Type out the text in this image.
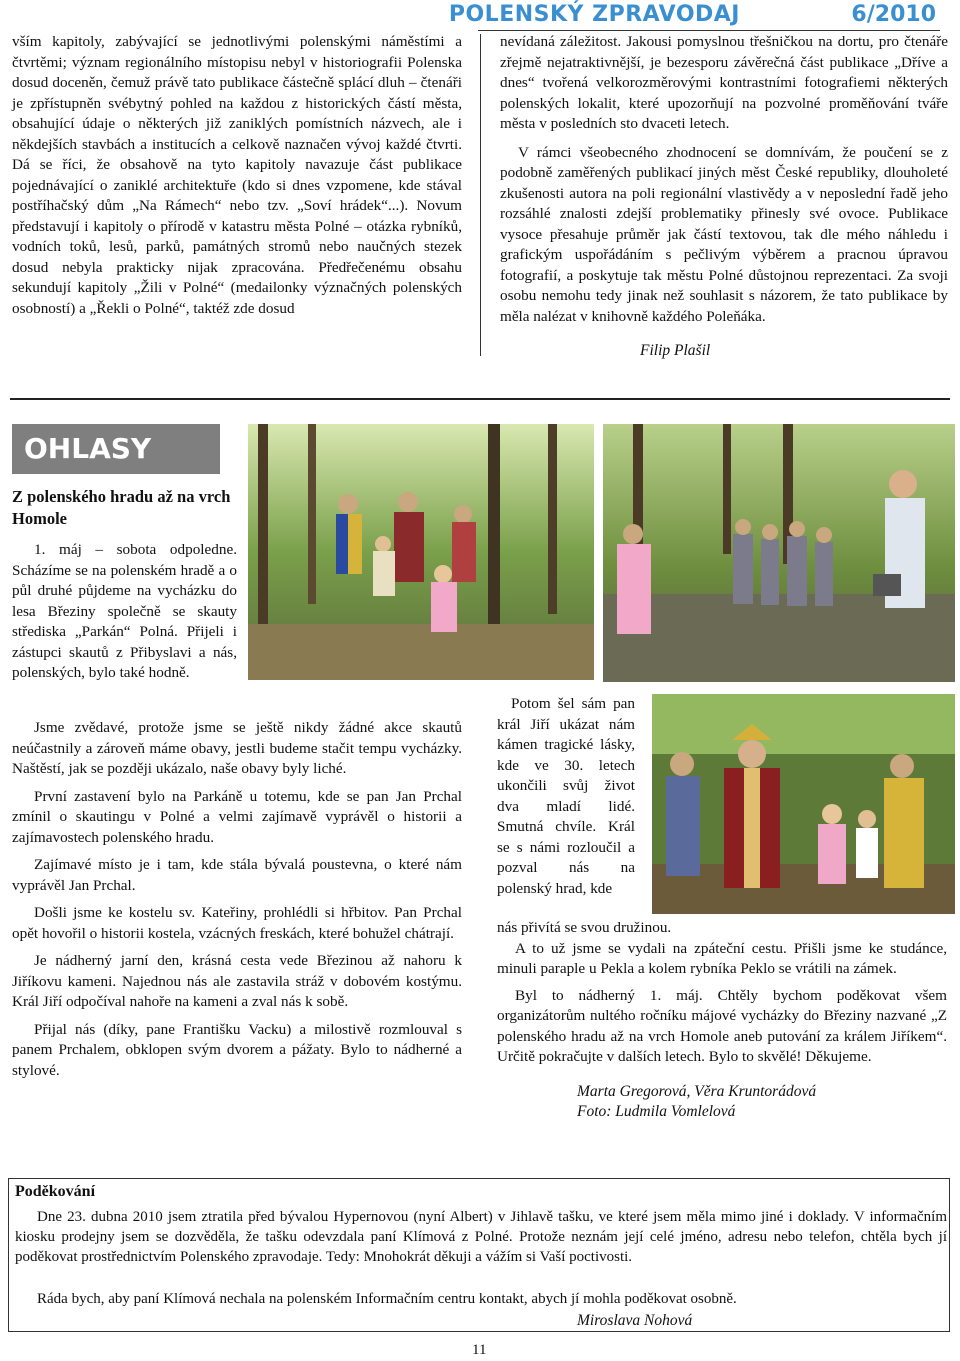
POLENSKÝ ZPRAVODAJ	6/2010

vším kapitoly, zabývající se jednotlivými polenskými náměstími a čtvrtěmi; význam regionálního místopisu nebyl v historiografii Polenska dosud doceněn, čemuž právě tato publikace částečně splácí dluh – čtenáři je zpřístupněn svébytný pohled na každou z historických částí města, obsahující údaje o některých již zaniklých pomístních názvech, ale i někdejších stavbách a institucích a celkově naznačen vývoj každé čtvrti. Dá se říci, že obsahově na tyto kapitoly navazuje část publikace pojednávající o zaniklé architektuře (kdo si dnes vzpomene, kde stával postříhačský dům „Na Rámech“ nebo tzv. „Soví hrádek“...). Novum představují i kapitoly o přírodě v katastru města Polné – otázka rybníků, vodních toků, lesů, parků, památných stromů nebo naučných stezek dosud nebyla prakticky nijak zpracována. Předřečenému obsahu sekundují kapitoly „Žili v Polné“ (medailonky význačných polenských osobností) a „Řekli o Polné“, taktéž zde dosud

nevídaná záležitost. Jakousi pomyslnou třešničkou na dortu, pro čtenáře zřejmě nejatraktivnější, je bezesporu závěrečná část publikace „Dříve a dnes“ tvořená velkorozměrovými kontrastními fotografiemi některých polenských lokalit, které upozorňují na pozvolné proměňování tváře města v posledních sto dvaceti letech.

V rámci všeobecného zhodnocení se domnívám, že poučení se z podobně zaměřených publikací jiných měst České republiky, dlouholeté zkušenosti autora na poli regionální vlastivědy a v neposlední řadě jeho rozsáhlé znalosti zdejší problematiky přinesly své ovoce. Publikace vysoce přesahuje průměr jak částí textovou, tak dle mého náhledu i grafickým uspořádáním s pečlivým výběrem a pracnou úpravou fotografií, a poskytuje tak městu Polné důstojnou reprezentaci. Za svoji osobu nemohu tedy jinak než souhlasit s názorem, že tato publikace by měla nalézat v knihovně každého Poleňáka.

Filip Plašil
OHLASY

Z polenského hradu až na vrch Homole

1. máj – sobota odpoledne. Scházíme se na polenském hradě a o půl druhé půjdeme na vycházku do lesa Březiny společně se skauty střediska „Parkán“ Polná. Přijeli i zástupci skautů z Přibyslavi a nás, polenských, bylo také hodně.

Jsme zvědavé, protože jsme se ještě nikdy žádné akce skautů neúčastnily a zároveň máme obavy, jestli budeme stačit tempu vycházky. Naštěstí, jak se později ukázalo, naše obavy byly liché.

První zastavení bylo na Parkáně u totemu, kde se pan Jan Prchal zmínil o skautingu v Polné a velmi zajímavě vyprávěl o historii a zajímavostech polenského hradu.

Zajímavé místo je i tam, kde stála bývalá poustevna, o které nám vyprávěl Jan Prchal.

Došli jsme ke kostelu sv. Kateřiny, prohlédli si hřbitov. Pan Prchal opět hovořil o historii kostela, vzácných freskách, které bohužel chátrají.

Je nádherný jarní den, krásná cesta vede Březinou až nahoru k Jiříkovu kameni. Najednou nás ale zastavila stráž v dobovém kostýmu. Král Jiří odpočíval nahoře na kameni a zval nás k sobě.

Přijal nás (díky, pane Františku Vacku) a milostivě rozmlouval s panem Prchalem, obklopen svým dvorem a pážaty. Bylo to nádherné a stylové.

Potom šel sám pan král Jiří ukázat nám kámen tragické lásky, kde ve 30. letech ukončili svůj život dva mladí lidé. Smutná chvíle. Král se s námi rozloučil a pozval nás na polenský hrad, kde

nás přivítá se svou družinou.

A to už jsme se vydali na zpáteční cestu. Přišli jsme ke studánce, minuli paraple u Pekla a kolem rybníka Peklo se vrátili na zámek.

Byl to nádherný 1. máj. Chtěly bychom poděkovat všem organizátorům nultého ročníku májové vycházky do Březiny nazvané „Z polenského hradu až na vrch Homole aneb putování za králem Jiříkem“. Určitě pokračujte v dalších letech. Bylo to skvělé! Děkujeme.

Marta Gregorová, Věra Kruntorádová
Foto: Ludmila Vomlelová
Poděkování

Dne 23. dubna 2010 jsem ztratila před bývalou Hypernovou (nyní Albert) v Jihlavě tašku, ve které jsem měla mimo jiné i doklady. V informačním kiosku prodejny jsem se dozvěděla, že tašku odevzdala paní Klímová z Polné. Protože neznám její celé jméno, adresu nebo telefon, chtěla bych jí poděkovat prostřednictvím Polenského zpravodaje. Tedy: Mnohokrát děkuji a vážím si Vaší poctivosti.

Ráda bych, aby paní Klímová nechala na polenském Informačním centru kontakt, abych jí mohla poděkovat osobně.

Miroslava Nohová
11
